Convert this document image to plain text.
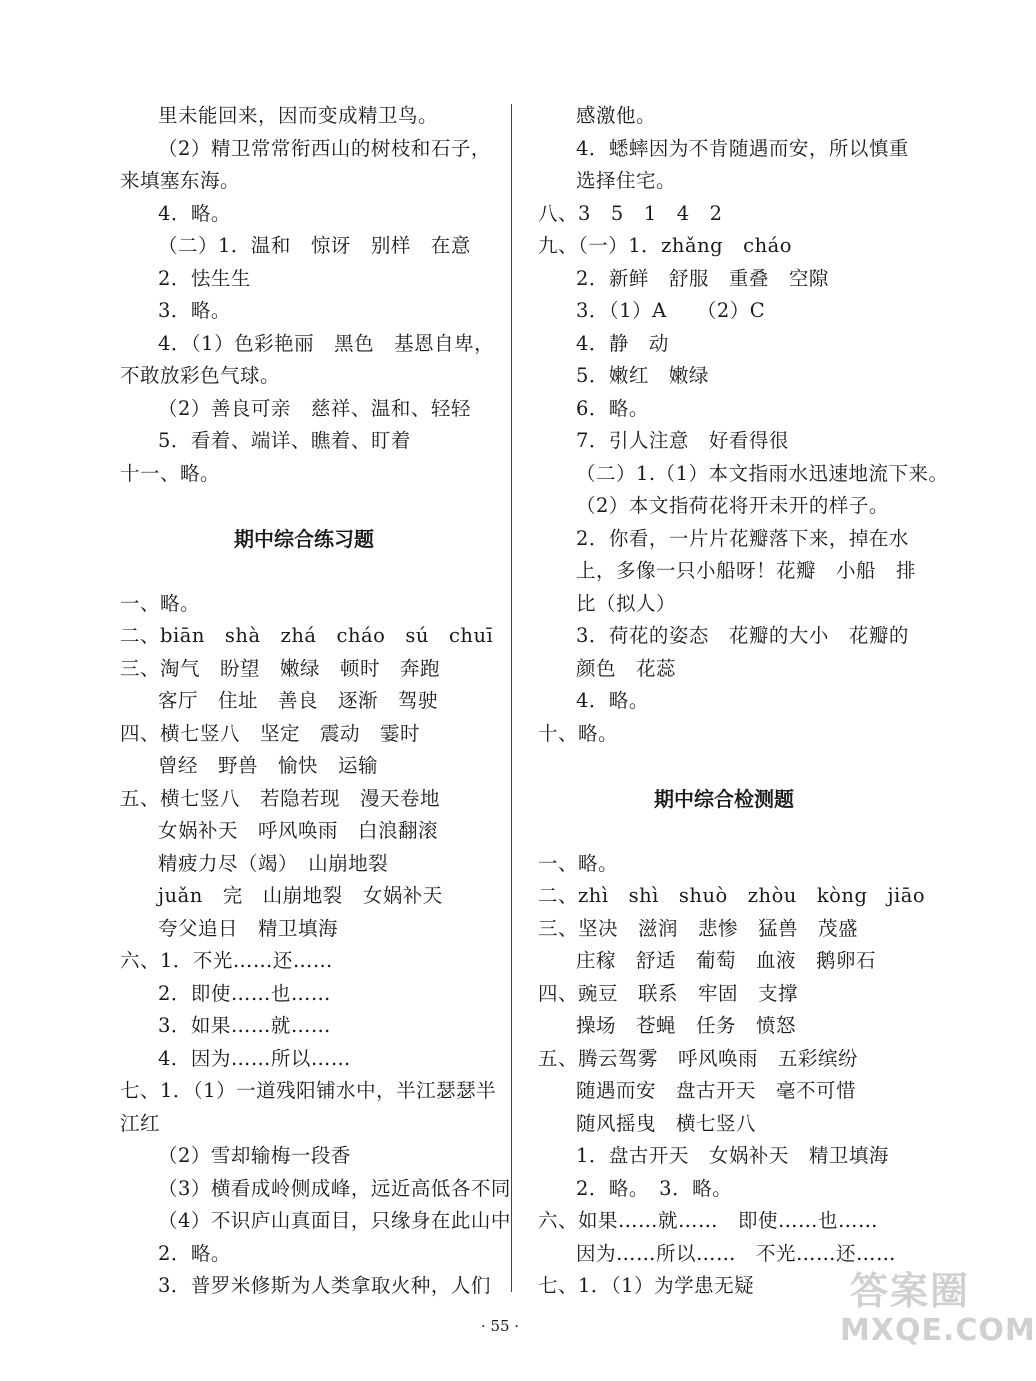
里未能回来，因而变成精卫鸟。
（2）精卫常常衔西山的树枝和石子，
来填塞东海。
4．略。
（二）1．温和　惊讶　别样　在意
2．怯生生
3．略。
4．（1）色彩艳丽　黑色　基恩自卑，
不敢放彩色气球。
（2）善良可亲　慈祥、温和、轻轻
5．看着、端详、瞧着、盯着
十一、略。
期中综合练习题
一、略。
二、biān　shà　zhá　cháo　sú　chuī
三、淘气　盼望　嫩绿　顿时　奔跑
客厅　住址　善良　逐渐　驾驶
四、横七竖八　坚定　震动　霎时
曾经　野兽　愉快　运输
五、横七竖八　若隐若现　漫天卷地
女娲补天　呼风唤雨　白浪翻滚
精疲力尽（竭）　山崩地裂
juǎn　完　山崩地裂　女娲补天
夸父追日　精卫填海
六、1．不光……还……
2．即使……也……
3．如果……就……
4．因为……所以……
七、1．（1）一道残阳铺水中，半江瑟瑟半
江红
（2）雪却输梅一段香
（3）横看成岭侧成峰，远近高低各不同
（4）不识庐山真面目，只缘身在此山中
2．略。
3．普罗米修斯为人类拿取火种，人们
感激他。
4．蟋蟀因为不肯随遇而安，所以慎重
选择住宅。
八、3　5　1　4　2
九、（一）1．zhǎng　cháo
2．新鲜　舒服　重叠　空隙
3．（1）A　　（2）C
4．静　动
5．嫩红　嫩绿
6．略。
7．引人注意　好看得很
（二）1.（1）本文指雨水迅速地流下来。
（2）本文指荷花将开未开的样子。
2．你看，一片片花瓣落下来，掉在水
上，多像一只小船呀！花瓣　小船　排
比（拟人）
3．荷花的姿态　花瓣的大小　花瓣的
颜色　花蕊
4．略。
十、略。
期中综合检测题
一、略。
二、zhì　shì　shuò　zhòu　kòng　jiāo
三、坚决　滋润　悲惨　猛兽　茂盛
庄稼　舒适　葡萄　血液　鹅卵石
四、豌豆　联系　牢固　支撑
操场　苍蝇　任务　愤怒
五、腾云驾雾　呼风唤雨　五彩缤纷
随遇而安　盘古开天　毫不可惜
随风摇曳　横七竖八
1．盘古开天　女娲补天　精卫填海
2．略。　3．略。
六、如果……就……　即使……也……
因为……所以……　不光……还……
七、1．（1）为学患无疑
· 55 ·
答案圈
MXQE.COM
